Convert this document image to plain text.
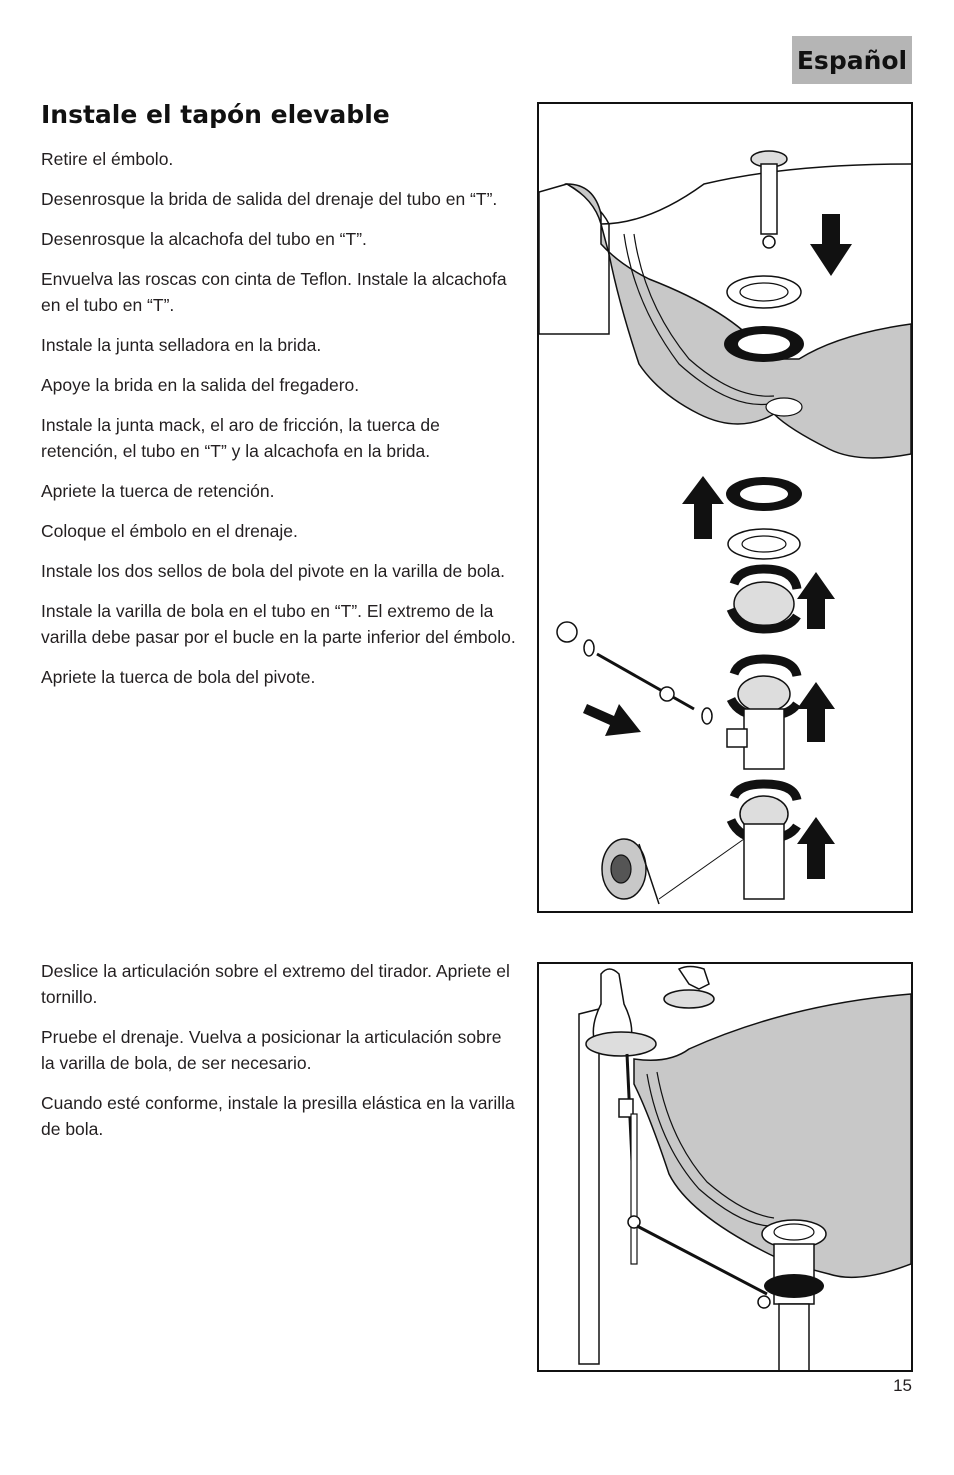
Español
Instale el tapón elevable
Retire el émbolo.
Desenrosque la brida de salida del drenaje del tubo en “T”.
Desenrosque la alcachofa del tubo en “T”.
Envuelva las roscas con cinta de Teflon. Instale la alcachofa en el tubo en “T”.
Instale la junta selladora en la brida.
Apoye la brida en la salida del fregadero.
Instale la junta mack, el aro de fricción, la tuerca de retención, el tubo en “T” y la alcachofa en la brida.
Apriete la tuerca de retención.
Coloque el émbolo en el drenaje.
Instale los dos sellos de bola del pivote en la varilla de bola.
Instale la varilla de bola en el tubo en “T”. El extremo de la varilla debe pasar por el bucle en la parte inferior del émbolo.
Apriete la tuerca de bola del pivote.
Deslice la articulación sobre el extremo del tirador. Apriete el tornillo.
Pruebe el drenaje. Vuelva a posicionar la articulación sobre la varilla de bola, de ser necesario.
Cuando esté conforme, instale la presilla elástica en la varilla de bola.
15
